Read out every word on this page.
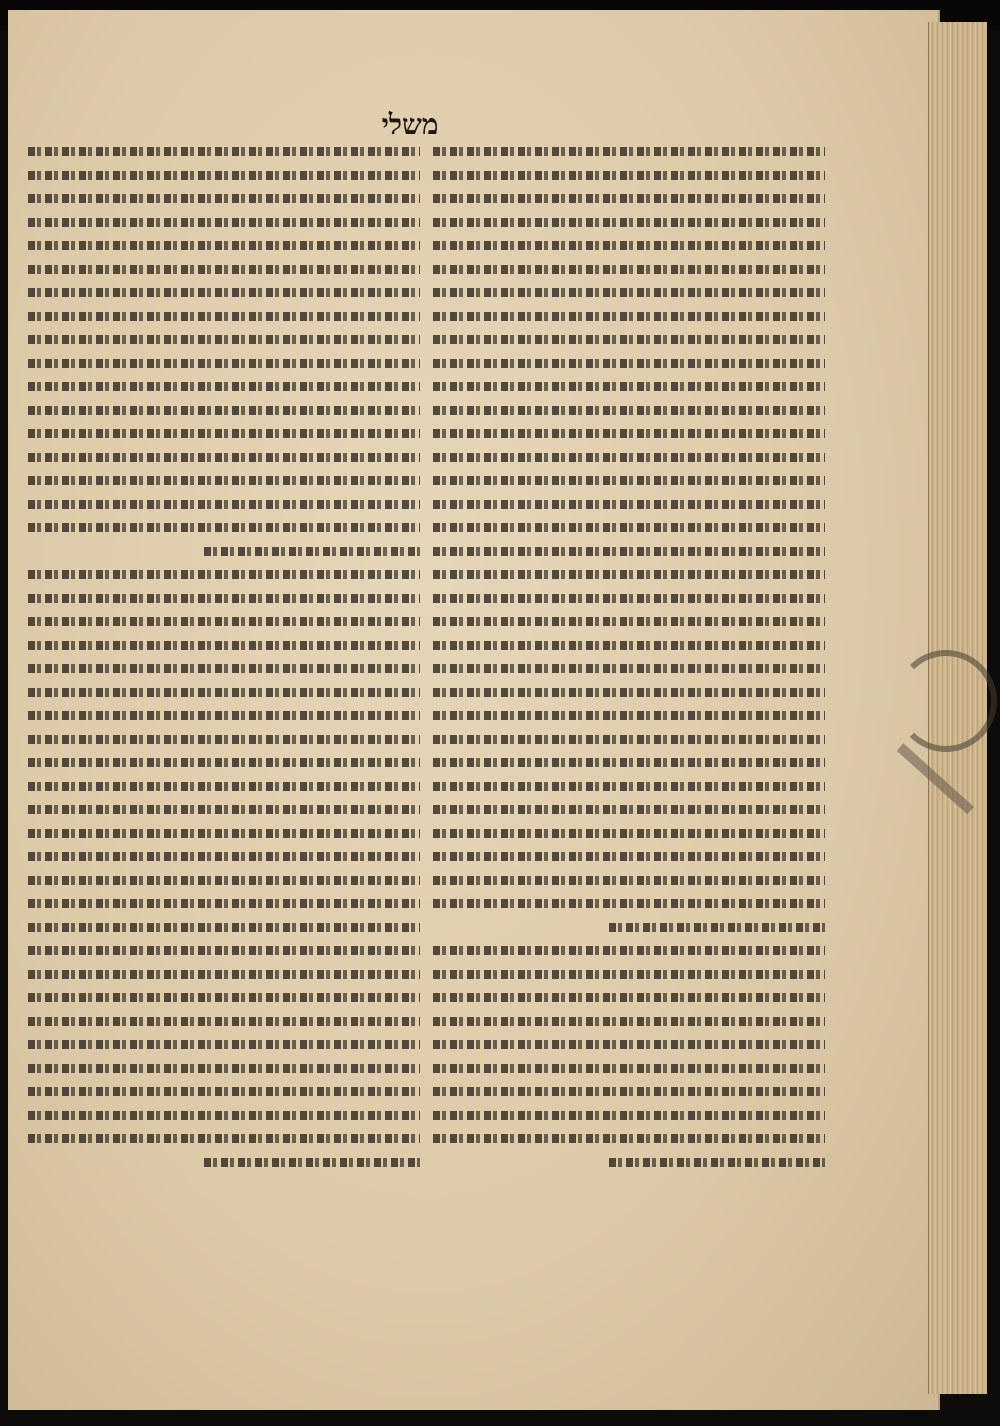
משלי
